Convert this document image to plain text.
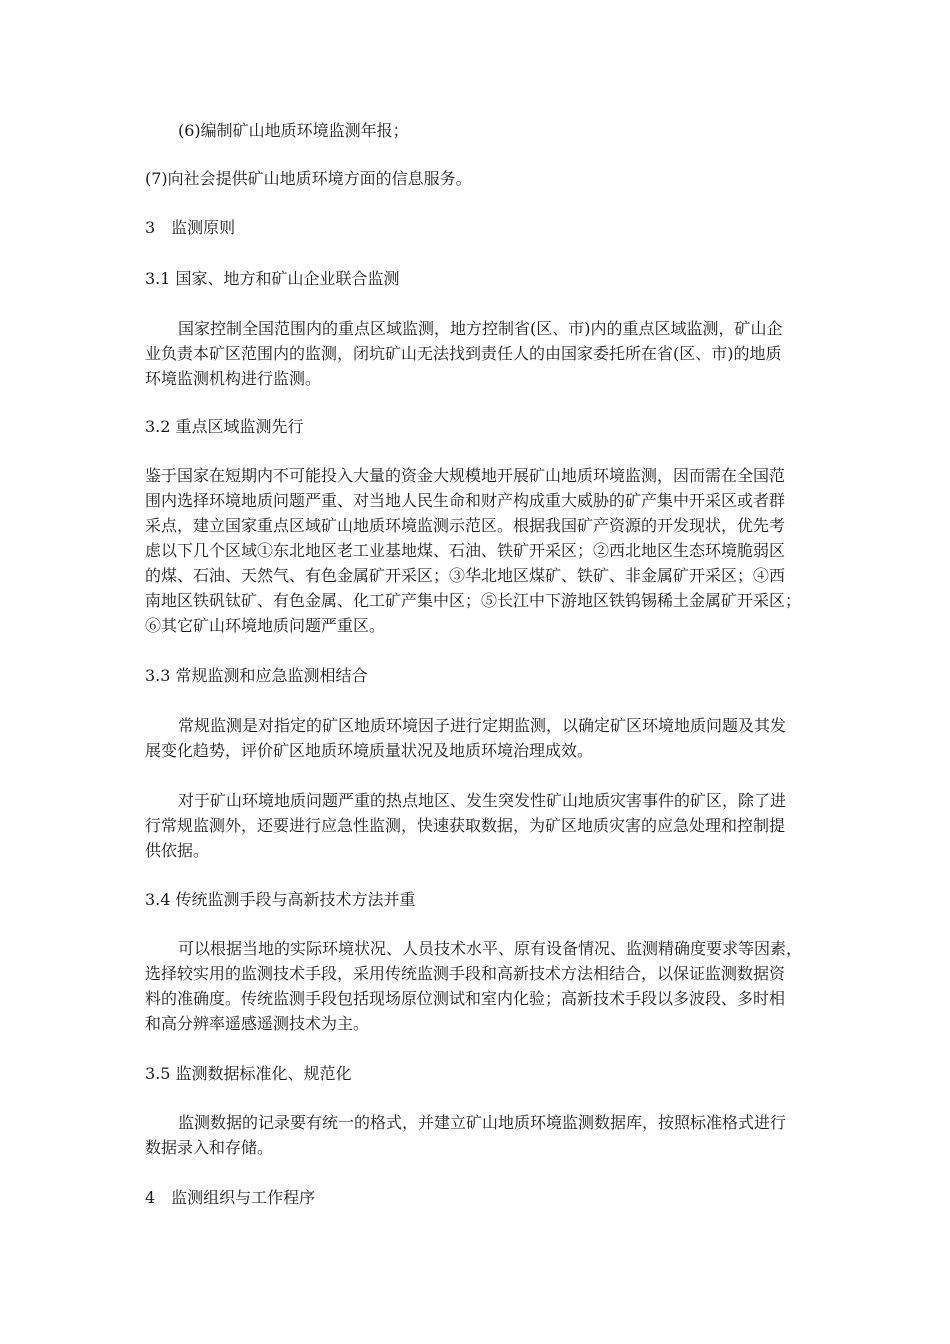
(6)编制矿山地质环境监测年报；

(7)向社会提供矿山地质环境方面的信息服务。

3　监测原则

3.1 国家、地方和矿山企业联合监测

国家控制全国范围内的重点区域监测，地方控制省(区、市)内的重点区域监测，矿山企
业负责本矿区范围内的监测，闭坑矿山无法找到责任人的由国家委托所在省(区、市)的地质
环境监测机构进行监测。

3.2 重点区域监测先行

鉴于国家在短期内不可能投入大量的资金大规模地开展矿山地质环境监测，因而需在全国范
围内选择环境地质问题严重、对当地人民生命和财产构成重大威胁的矿产集中开采区或者群
采点，建立国家重点区域矿山地质环境监测示范区。根据我国矿产资源的开发现状，优先考
虑以下几个区域①东北地区老工业基地煤、石油、铁矿开采区；②西北地区生态环境脆弱区
的煤、石油、天然气、有色金属矿开采区；③华北地区煤矿、铁矿、非金属矿开采区；④西
南地区铁矾钛矿、有色金属、化工矿产集中区；⑤长江中下游地区铁钨锡稀土金属矿开采区；
⑥其它矿山环境地质问题严重区。

3.3 常规监测和应急监测相结合

常规监测是对指定的矿区地质环境因子进行定期监测，以确定矿区环境地质问题及其发
展变化趋势，评价矿区地质环境质量状况及地质环境治理成效。

对于矿山环境地质问题严重的热点地区、发生突发性矿山地质灾害事件的矿区，除了进
行常规监测外，还要进行应急性监测，快速获取数据，为矿区地质灾害的应急处理和控制提
供依据。

3.4 传统监测手段与高新技术方法并重

可以根据当地的实际环境状况、人员技术水平、原有设备情况、监测精确度要求等因素，
选择较实用的监测技术手段，采用传统监测手段和高新技术方法相结合，以保证监测数据资
料的准确度。传统监测手段包括现场原位测试和室内化验；高新技术手段以多波段、多时相
和高分辨率遥感遥测技术为主。

3.5 监测数据标准化、规范化

监测数据的记录要有统一的格式，并建立矿山地质环境监测数据库，按照标准格式进行
数据录入和存储。

4　监测组织与工作程序
